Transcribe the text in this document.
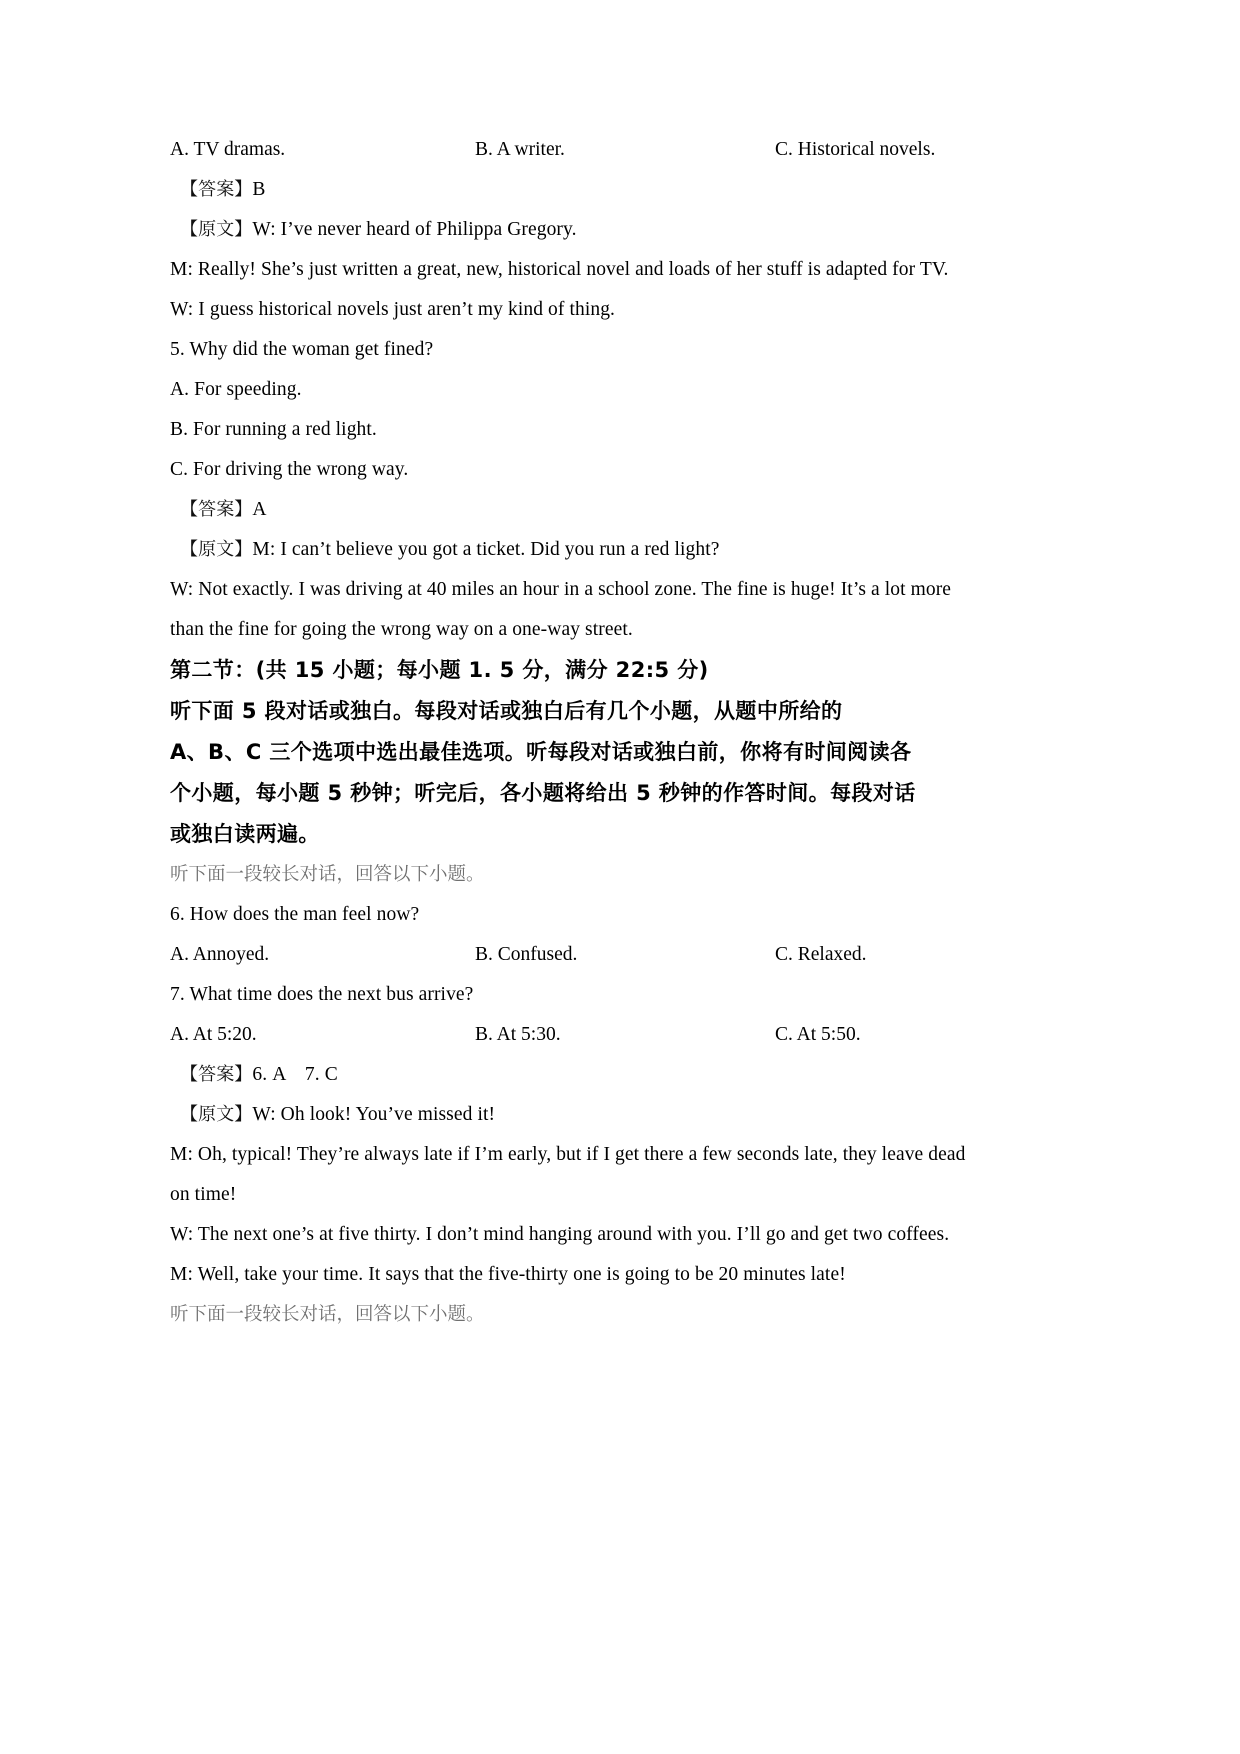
A. TV dramas.	B. A writer.	C. Historical novels.
【答案】B
【原文】W: I’ve never heard of Philippa Gregory.
M: Really! She’s just written a great, new, historical novel and loads of her stuff is adapted for TV.
W: I guess historical novels just aren’t my kind of thing.
5. Why did the woman get fined?
A. For speeding.
B. For running a red light.
C. For driving the wrong way.
【答案】A
【原文】M: I can’t believe you got a ticket. Did you run a red light?
W: Not exactly. I was driving at 40 miles an hour in a school zone. The fine is huge! It’s a lot more
than the fine for going the wrong way on a one-way street.
第二节：(共 15 小题；每小题 1. 5 分，满分 22:5 分)
听下面 5 段对话或独白。每段对话或独白后有几个小题，从题中所给的
A、B、C 三个选项中选出最佳选项。听每段对话或独白前，你将有时间阅读各
个小题，每小题 5 秒钟；听完后，各小题将给出 5 秒钟的作答时间。每段对话
或独白读两遍。
听下面一段较长对话，回答以下小题。
6. How does the man feel now?
A. Annoyed.	B. Confused.	C. Relaxed.
7. What time does the next bus arrive?
A. At 5:20.	B. At 5:30.	C. At 5:50.
【答案】6. A　7. C
【原文】W: Oh look! You’ve missed it!
M: Oh, typical! They’re always late if I’m early, but if I get there a few seconds late, they leave dead
on time!
W: The next one’s at five thirty. I don’t mind hanging around with you. I’ll go and get two coffees.
M: Well, take your time. It says that the five-thirty one is going to be 20 minutes late!
听下面一段较长对话，回答以下小题。
